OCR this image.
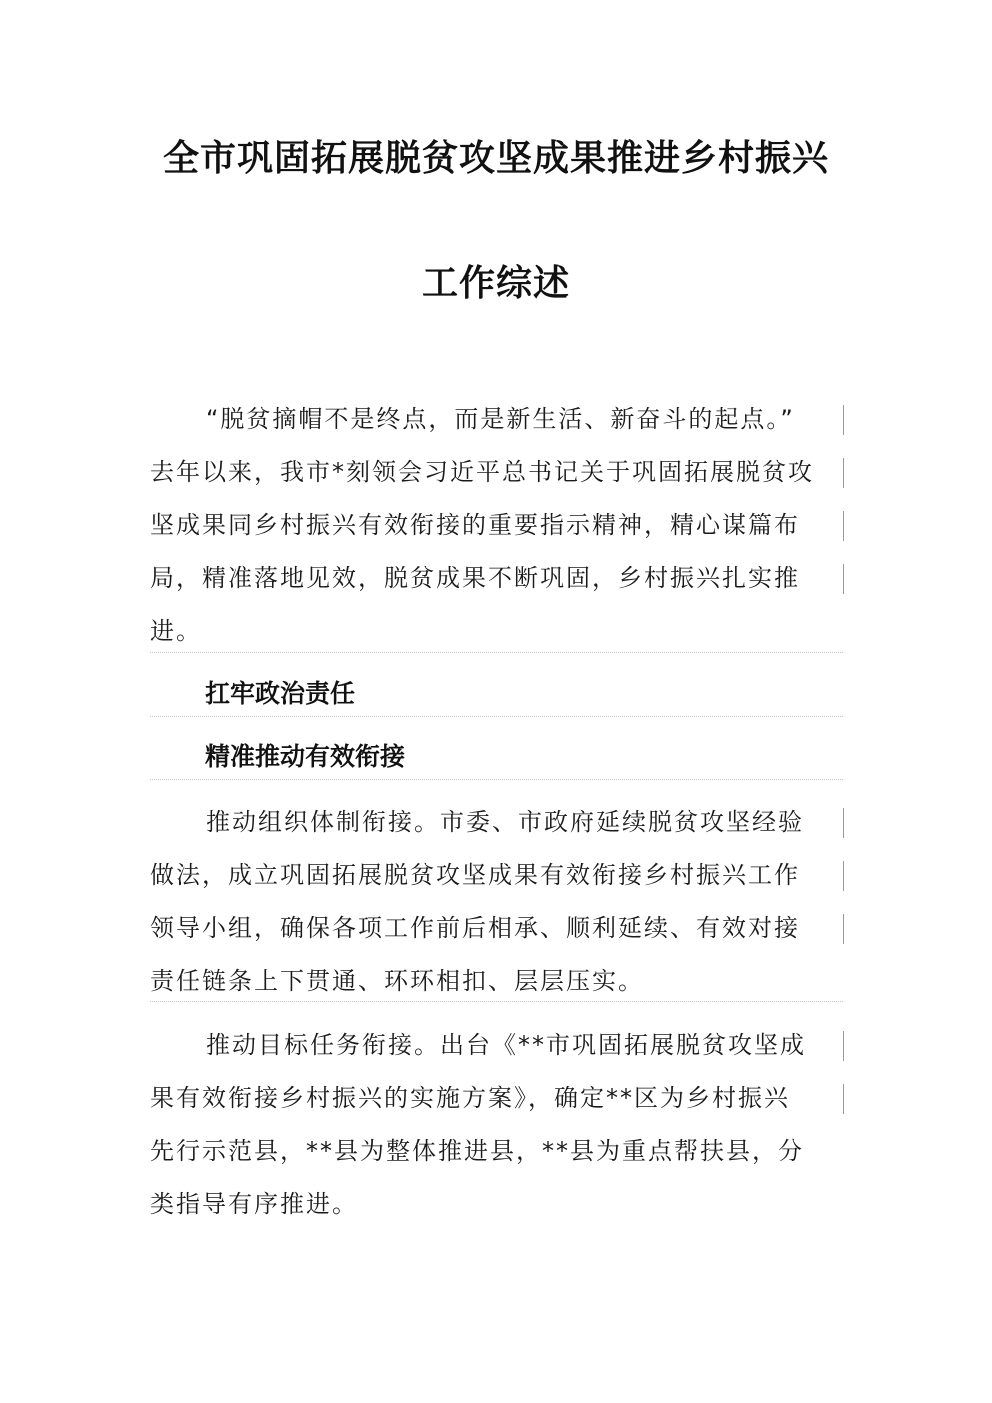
全市巩固拓展脱贫攻坚成果推进乡村振兴
工作综述
“脱贫摘帽不是终点，而是新生活、新奋斗的起点。”
去年以来，我市*刻领会习近平总书记关于巩固拓展脱贫攻
坚成果同乡村振兴有效衔接的重要指示精神，精心谋篇布
局，精准落地见效，脱贫成果不断巩固，乡村振兴扎实推
进。
扛牢政治责任
精准推动有效衔接
推动组织体制衔接。市委、市政府延续脱贫攻坚经验
做法，成立巩固拓展脱贫攻坚成果有效衔接乡村振兴工作
领导小组，确保各项工作前后相承、顺利延续、有效对接
责任链条上下贯通、环环相扣、层层压实。
推动目标任务衔接。出台《**市巩固拓展脱贫攻坚成
果有效衔接乡村振兴的实施方案》，确定**区为乡村振兴
先行示范县，**县为整体推进县，**县为重点帮扶县，分
类指导有序推进。
